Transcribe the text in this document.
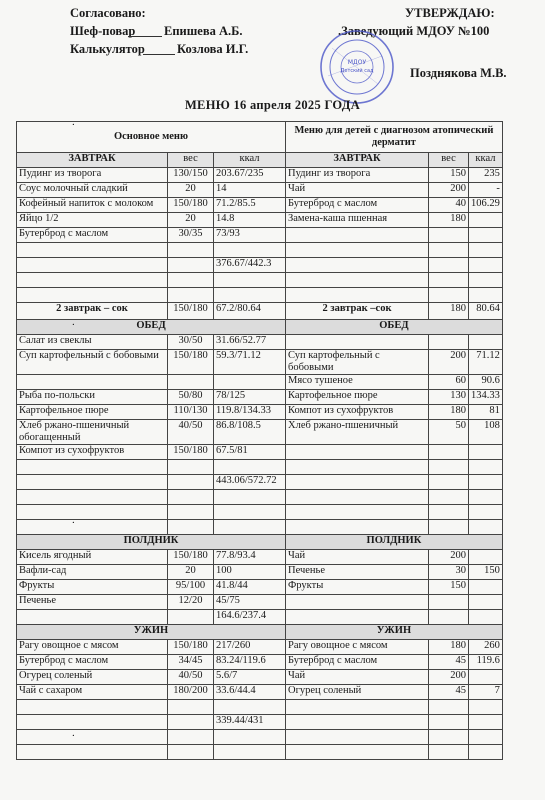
Согласовано:
Шеф-повар Епишева А.Б.
Калькулятор	Козлова И.Г.
УТВЕРЖДАЮ:
.Заведующий МДОУ №100
Позднякова М.В.
МДОУ
Детский сад
МЕНЮ 16 апреля 2025 ГОДА
Основное меню			Меню для детей с диагнозом атопический дерматит		
ЗАВТРАК	вес	ккал	ЗАВТРАК	вес	ккал
Пудинг из творога	130/150	203.67/235	Пудинг из творога	150	235
Соус молочный сладкий	20	14	Чай	200	-
Кофейный напиток с молоком	150/180	71.2/85.5	Бутерброд с маслом	40	106.29
Яйцо 1/2	20	14.8	Замена-каша пшенная	180	
Бутерброд с маслом	30/35	73/93			

		376.67/442.3			

2 завтрак – сок	150/180	67.2/80.64	2 завтрак –сок	180	80.64
ОБЕД			ОБЕД		
Салат из свеклы	30/50	31.66/52.77			
Суп картофельный с бобовыми	150/180	59.3/71.12	Суп картофельный с бобовыми	200	71.12
			Мясо тушеное	60	90.6
Рыба по-польски	50/80	78/125	Картофельное пюре	130	134.33
Картофельное пюре	110/130	119.8/134.33	Компот из сухофруктов	180	81
Хлеб ржано-пшеничный обогащенный	40/50	86.8/108.5	Хлеб ржано-пшеничный	50	108
Компот из сухофруктов	150/180	67.5/81			

		443.06/572.72			

ПОЛДНИК			ПОЛДНИК		
Кисель ягодный	150/180	77.8/93.4	Чай	200	
Вафли-сад	20	100	Печенье	30	150
Фрукты	95/100	41.8/44	Фрукты	150	
Печенье	12/20	45/75			
		164.6/237.4			
УЖИН			УЖИН		
Рагу овощное с мясом	150/180	217/260	Рагу овощное с мясом	180	260
Бутерброд с маслом	34/45	83.24/119.6	Бутерброд с маслом	45	119.6
Огурец соленый	40/50	5.6/7	Чай	200	
Чай с сахаром	180/200	33.6/44.4	Огурец соленый	45	7

		339.44/431			

.
.
.
.
